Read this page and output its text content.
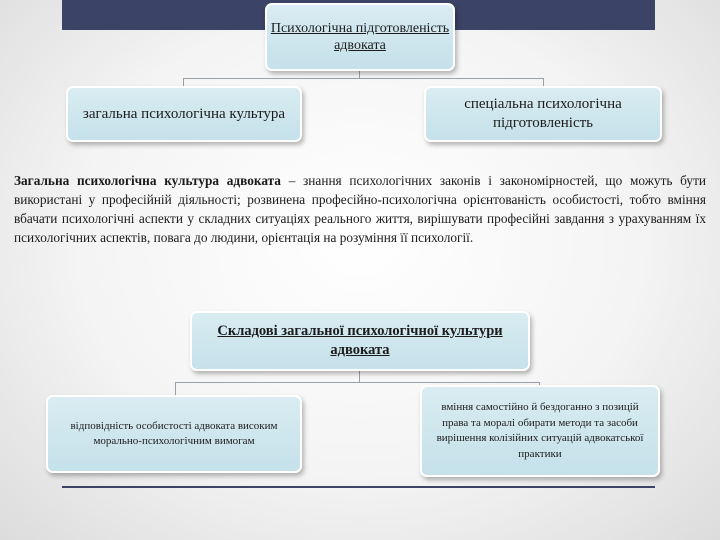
Психологічна підготовленість адвоката
загальна психологічна культура
спеціальна психологічна підготовленість

Загальна психологічна культура адвоката – знання психологічних законів і закономірностей, що можуть бути використані у професійній діяльності; розвинена професійно-психологічна орієнтованість особистості, тобто вміння вбачати психологічні аспекти у складних ситуаціях реального життя, вирішувати професійні завдання з урахуванням їх психологічних аспектів, повага до людини, орієнтація на розуміння її психології.

Складові загальної психологічної культури адвоката
відповідність особистості адвоката високим морально-психологічним вимогам
вміння самостійно й бездоганно з позицій права та моралі обирати методи та засоби вирішення колізійних ситуацій адвокатської практики
